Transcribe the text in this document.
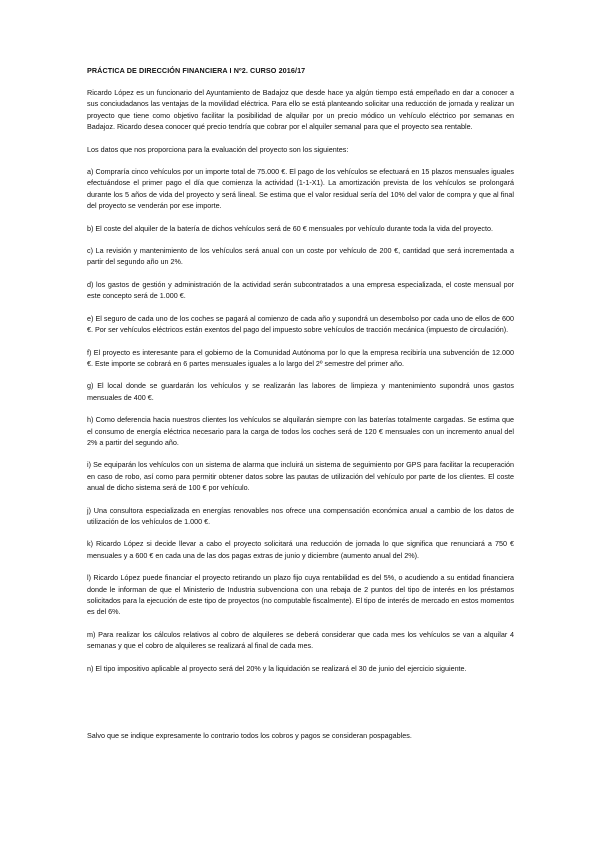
PRÁCTICA DE DIRECCIÓN FINANCIERA I Nº2. CURSO 2016/17

Ricardo López es un funcionario del Ayuntamiento de Badajoz que desde hace ya algún tiempo está empeñado en dar a conocer a sus conciudadanos las ventajas de la movilidad eléctrica. Para ello se está planteando solicitar una reducción de jornada y realizar un proyecto que tiene como objetivo facilitar la posibilidad de alquilar por un precio módico un vehículo eléctrico por semanas en Badajoz. Ricardo desea conocer qué precio tendría que cobrar por el alquiler semanal para que el proyecto sea rentable.

Los datos que nos proporciona para la evaluación del proyecto son los siguientes:

a) Compraría cinco vehículos por un importe total de 75.000 €. El pago de los vehículos se efectuará en 15 plazos mensuales iguales efectuándose el primer pago el día que comienza la actividad (1-1-X1). La amortización prevista de los vehículos se prolongará durante los 5 años de vida del proyecto y será lineal. Se estima que el valor residual sería del 10% del valor de compra y que al final del proyecto se venderán por ese importe.

b) El coste del alquiler de la batería de dichos vehículos será de 60 € mensuales por vehículo durante toda la vida del proyecto.

c) La revisión y mantenimiento de los vehículos será anual con un coste por vehículo de 200 €, cantidad que será incrementada a partir del segundo año un 2%.

d) los gastos de gestión y administración de la actividad serán subcontratados a una empresa especializada, el coste mensual por este concepto será de 1.000 €.

e) El seguro de cada uno de los coches se pagará al comienzo de cada año y supondrá un desembolso por cada uno de ellos de 600 €. Por ser vehículos eléctricos están exentos del pago del impuesto sobre vehículos de tracción mecánica (impuesto de circulación).

f) El proyecto es interesante para el gobierno de la Comunidad Autónoma por lo que la empresa recibiría una subvención de 12.000 €. Este importe se cobrará en 6 partes mensuales iguales a lo largo del 2º semestre del primer año.

g) El local donde se guardarán los vehículos y se realizarán las labores de limpieza y mantenimiento supondrá unos gastos mensuales de 400 €.

h) Como deferencia hacia nuestros clientes los vehículos se alquilarán siempre con las baterías totalmente cargadas. Se estima que el consumo de energía eléctrica necesario para la carga de todos los coches será de 120 € mensuales con un incremento anual del 2% a partir del segundo año.

i) Se equiparán los vehículos con un sistema de alarma que incluirá un sistema de seguimiento por GPS para facilitar la recuperación en caso de robo, así como para permitir obtener datos sobre las pautas de utilización del vehículo por parte de los clientes. El coste anual de dicho sistema será de 100 € por vehículo.

j) Una consultora especializada en energías renovables nos ofrece una compensación económica anual a cambio de los datos de utilización de los vehículos de 1.000 €.

k) Ricardo López si decide llevar a cabo el proyecto solicitará una reducción de jornada lo que significa que renunciará a 750 € mensuales y a 600 € en cada una de las dos pagas extras de junio y diciembre (aumento anual del 2%).

l) Ricardo López puede financiar el proyecto retirando un plazo fijo cuya rentabilidad es del 5%, o acudiendo a su entidad financiera donde le informan de que el Ministerio de Industria subvenciona con una rebaja de 2 puntos del tipo de interés en los préstamos solicitados para la ejecución de este tipo de proyectos (no computable fiscalmente). El tipo de interés de mercado en estos momentos es del 6%.

m) Para realizar los cálculos relativos al cobro de alquileres se deberá considerar que cada mes los vehículos se van a alquilar 4 semanas y que el cobro de alquileres se realizará al final de cada mes.

n) El tipo impositivo aplicable al proyecto será del 20% y la liquidación se realizará el 30 de junio del ejercicio siguiente.

Salvo que se indique expresamente lo contrario todos los cobros y pagos se consideran pospagables.
